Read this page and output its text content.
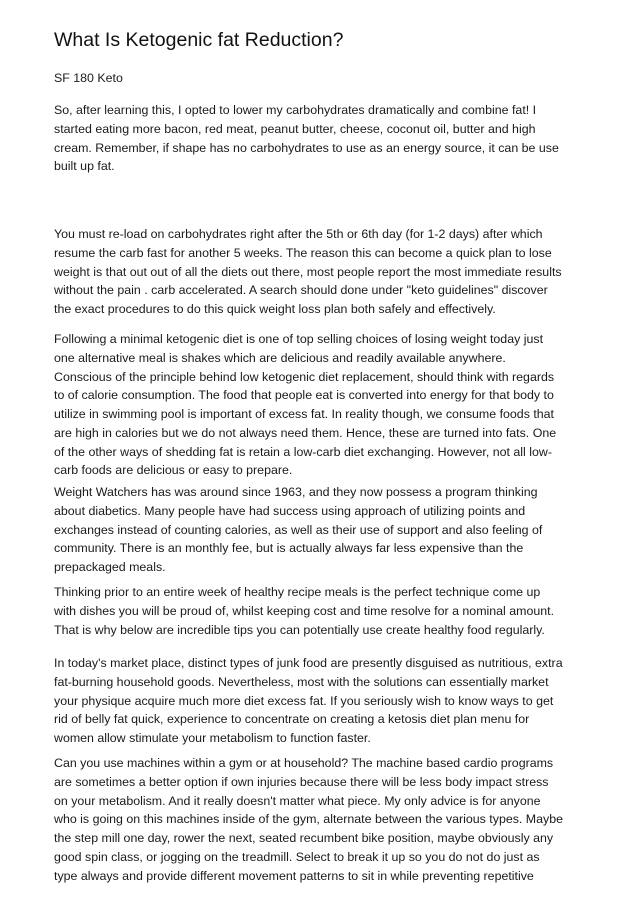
What Is Ketogenic fat Reduction?

SF 180 Keto

So, after learning this, I opted to lower my carbohydrates dramatically and combine fat! I
started eating more bacon, red meat, peanut butter, cheese, coconut oil, butter and high
cream. Remember, if shape has no carbohydrates to use as an energy source, it can be use
built up fat.
You must re-load on carbohydrates right after the 5th or 6th day (for 1-2 days) after which
resume the carb fast for another 5 weeks. The reason this can become a quick plan to lose
weight is that out out of all the diets out there, most people report the most immediate results
without the pain . carb accelerated. A search should done under "keto guidelines" discover
the exact procedures to do this quick weight loss plan both safely and effectively.
Following a minimal ketogenic diet is one of top selling choices of losing weight today just
one alternative meal is shakes which are delicious and readily available anywhere.
Conscious of the principle behind low ketogenic diet replacement, should think with regards
to of calorie consumption. The food that people eat is converted into energy for that body to
utilize in swimming pool is important of excess fat. In reality though, we consume foods that
are high in calories but we do not always need them. Hence, these are turned into fats. One
of the other ways of shedding fat is retain a low-carb diet exchanging. However, not all low-
carb foods are delicious or easy to prepare.
Weight Watchers has was around since 1963, and they now possess a program thinking
about diabetics. Many people have had success using approach of utilizing points and
exchanges instead of counting calories, as well as their use of support and also feeling of
community. There is an monthly fee, but is actually always far less expensive than the
prepackaged meals.
Thinking prior to an entire week of healthy recipe meals is the perfect technique come up
with dishes you will be proud of, whilst keeping cost and time resolve for a nominal amount.
That is why below are incredible tips you can potentially use create healthy food regularly.
In today's market place, distinct types of junk food are presently disguised as nutritious, extra
fat-burning household goods. Nevertheless, most with the solutions can essentially market
your physique acquire much more diet excess fat. If you seriously wish to know ways to get
rid of belly fat quick, experience to concentrate on creating a ketosis diet plan menu for
women allow stimulate your metabolism to function faster.
Can you use machines within a gym or at household? The machine based cardio programs
are sometimes a better option if own injuries because there will be less body impact stress
on your metabolism. And it really doesn't matter what piece. My only advice is for anyone
who is going on this machines inside of the gym, alternate between the various types. Maybe
the step mill one day, rower the next, seated recumbent bike position, maybe obviously any
good spin class, or jogging on the treadmill. Select to break it up so you do not do just as
type always and provide different movement patterns to sit in while preventing repetitive
